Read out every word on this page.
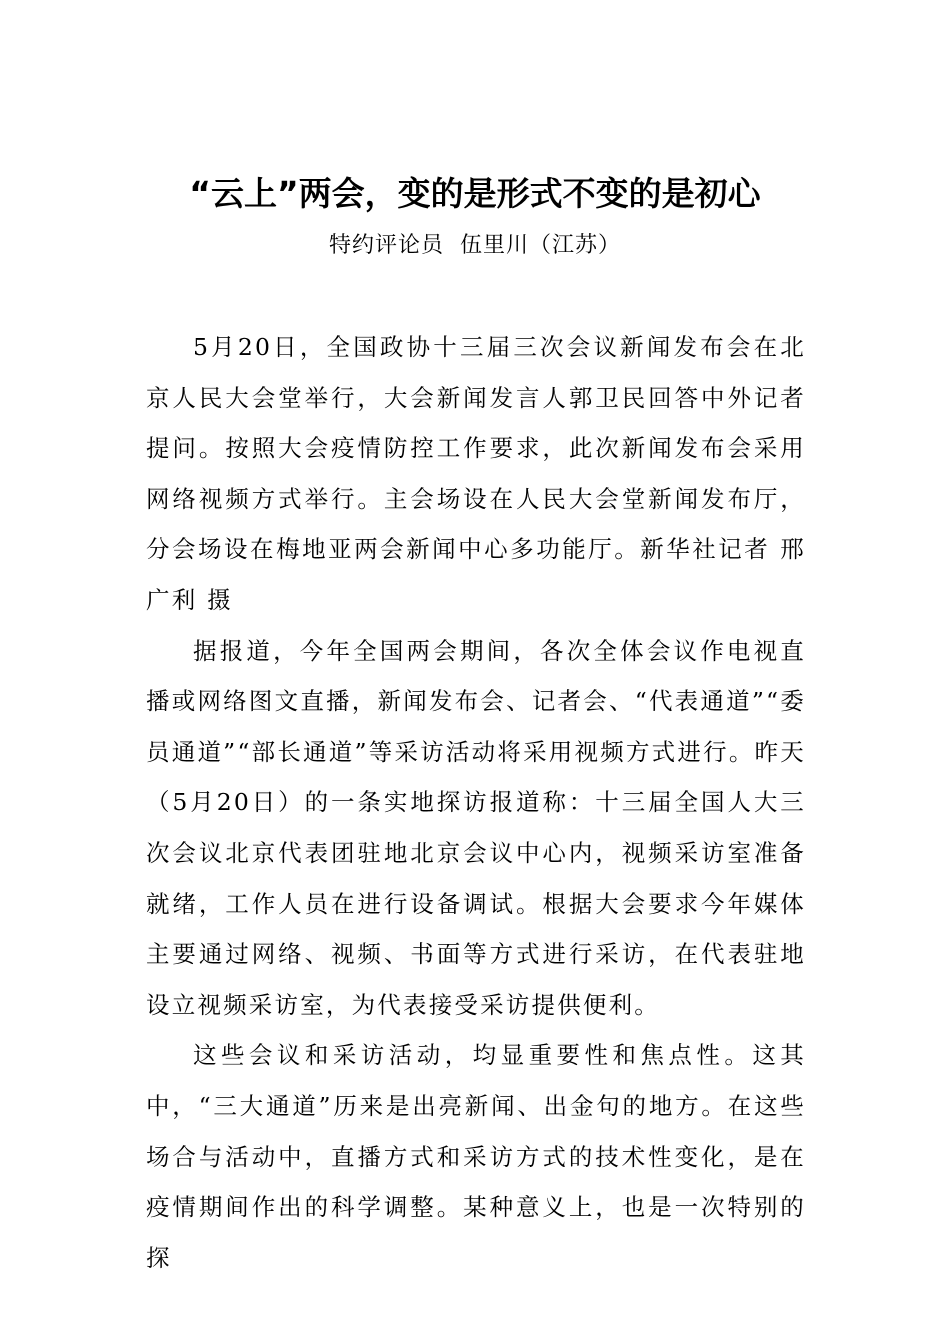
“云上”两会，变的是形式不变的是初心
特约评论员  伍里川（江苏）

5月20日，全国政协十三届三次会议新闻发布会在北京人民大会堂举行，大会新闻发言人郭卫民回答中外记者提问。按照大会疫情防控工作要求，此次新闻发布会采用网络视频方式举行。主会场设在人民大会堂新闻发布厅，分会场设在梅地亚两会新闻中心多功能厅。新华社记者 邢广利 摄

据报道，今年全国两会期间，各次全体会议作电视直播或网络图文直播，新闻发布会、记者会、“代表通道”“委员通道”“部长通道”等采访活动将采用视频方式进行。昨天（5月20日）的一条实地探访报道称：十三届全国人大三次会议北京代表团驻地北京会议中心内，视频采访室准备就绪，工作人员在进行设备调试。根据大会要求今年媒体主要通过网络、视频、书面等方式进行采访，在代表驻地设立视频采访室，为代表接受采访提供便利。

这些会议和采访活动，均显重要性和焦点性。这其中，“三大通道”历来是出亮新闻、出金句的地方。在这些场合与活动中，直播方式和采访方式的技术性变化，是在疫情期间作出的科学调整。某种意义上，也是一次特别的探
